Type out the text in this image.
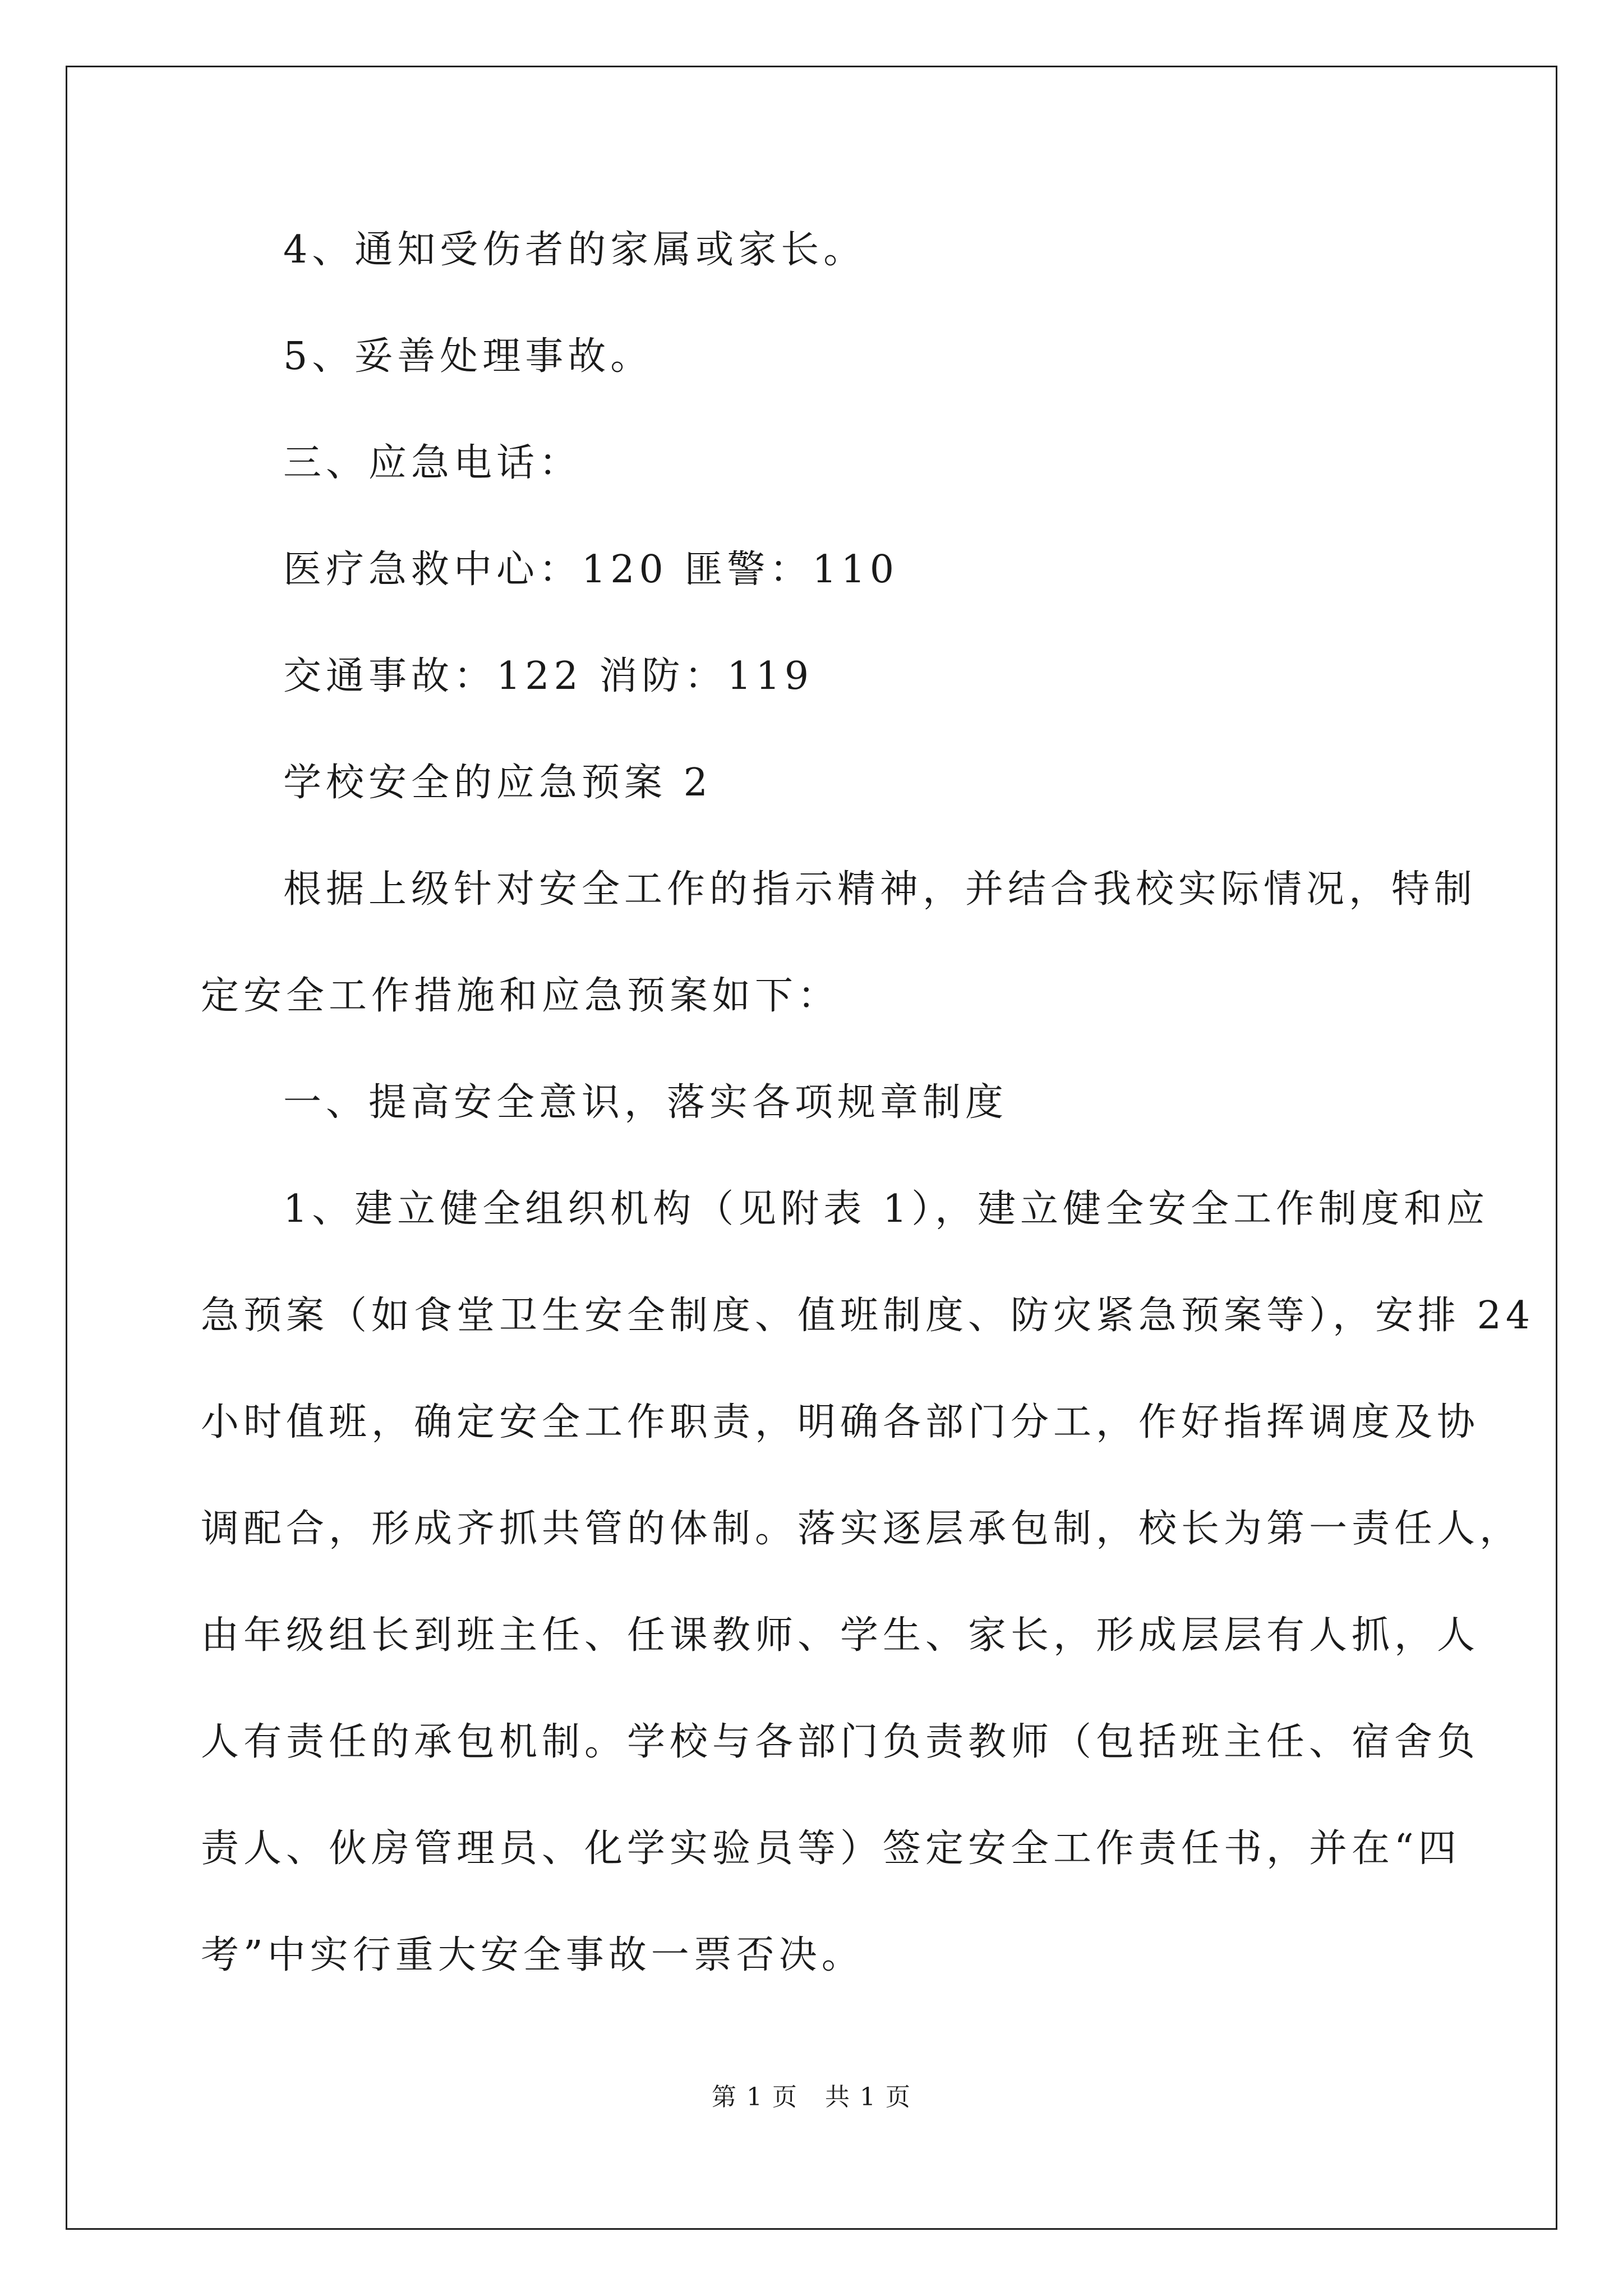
4、通知受伤者的家属或家长。

5、妥善处理事故。

三、应急电话：

医疗急救中心：120 匪警：110

交通事故：122 消防：119

学校安全的应急预案 2

根据上级针对安全工作的指示精神，并结合我校实际情况，特制

定安全工作措施和应急预案如下：

一、提高安全意识，落实各项规章制度

1、建立健全组织机构（见附表 1），建立健全安全工作制度和应

急预案（如食堂卫生安全制度、值班制度、防灾紧急预案等），安排 24

小时值班，确定安全工作职责，明确各部门分工，作好指挥调度及协

调配合，形成齐抓共管的体制。落实逐层承包制，校长为第一责任人，

由年级组长到班主任、任课教师、学生、家长，形成层层有人抓，人

人有责任的承包机制。学校与各部门负责教师（包括班主任、宿舍负

责人、伙房管理员、化学实验员等）签定安全工作责任书，并在“四

考”中实行重大安全事故一票否决。

第 1 页   共 1 页
